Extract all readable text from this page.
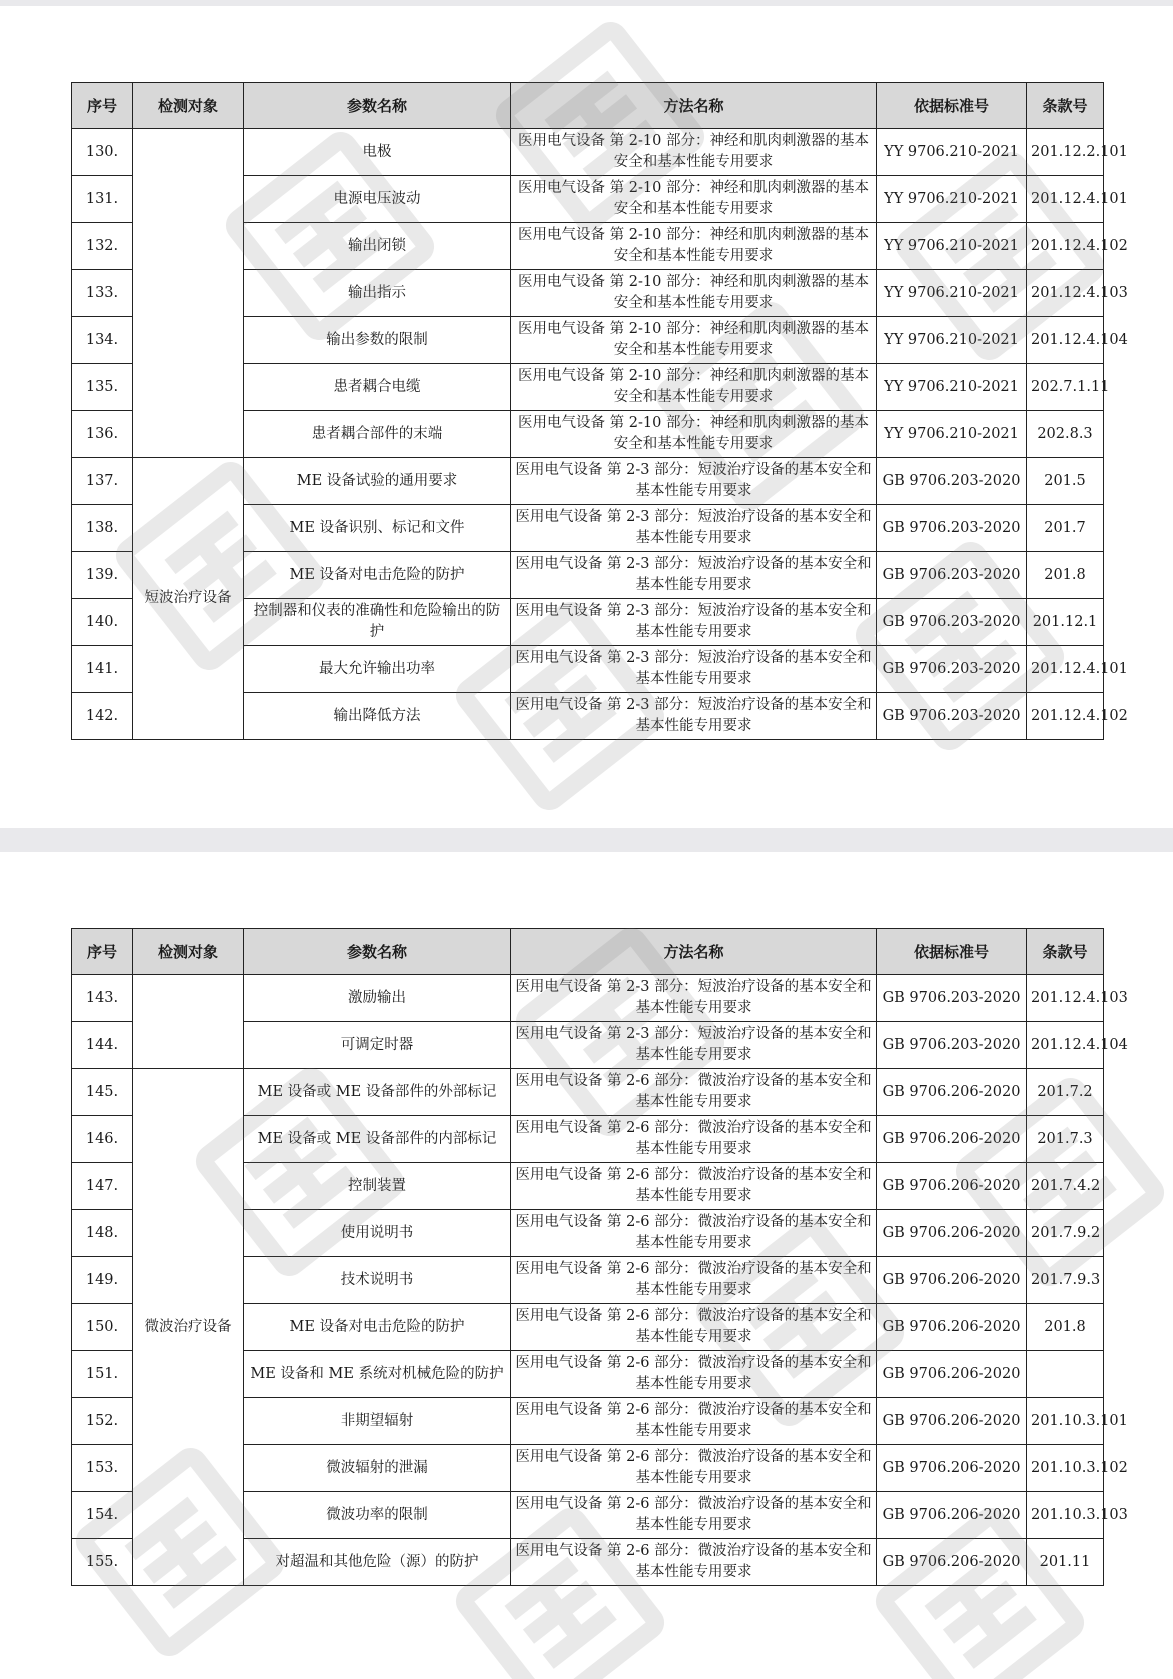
序号	检测对象	参数名称	方法名称	依据标准号	条款号
130.		电极	医用电气设备 第 2-10 部分：神经和肌肉刺激器的基本安全和基本性能专用要求	YY 9706.210-2021	201.12.2.101
131.		电源电压波动	医用电气设备 第 2-10 部分：神经和肌肉刺激器的基本安全和基本性能专用要求	YY 9706.210-2021	201.12.4.101
132.		输出闭锁	医用电气设备 第 2-10 部分：神经和肌肉刺激器的基本安全和基本性能专用要求	YY 9706.210-2021	201.12.4.102
133.		输出指示	医用电气设备 第 2-10 部分：神经和肌肉刺激器的基本安全和基本性能专用要求	YY 9706.210-2021	201.12.4.103
134.		输出参数的限制	医用电气设备 第 2-10 部分：神经和肌肉刺激器的基本安全和基本性能专用要求	YY 9706.210-2021	201.12.4.104
135.		患者耦合电缆	医用电气设备 第 2-10 部分：神经和肌肉刺激器的基本安全和基本性能专用要求	YY 9706.210-2021	202.7.1.11
136.		患者耦合部件的末端	医用电气设备 第 2-10 部分：神经和肌肉刺激器的基本安全和基本性能专用要求	YY 9706.210-2021	202.8.3
137.	短波治疗设备	ME 设备试验的通用要求	医用电气设备 第 2-3 部分：短波治疗设备的基本安全和基本性能专用要求	GB 9706.203-2020	201.5
138.		ME 设备识别、标记和文件	医用电气设备 第 2-3 部分：短波治疗设备的基本安全和基本性能专用要求	GB 9706.203-2020	201.7
139.		ME 设备对电击危险的防护	医用电气设备 第 2-3 部分：短波治疗设备的基本安全和基本性能专用要求	GB 9706.203-2020	201.8
140.		控制器和仪表的准确性和危险输出的防护	医用电气设备 第 2-3 部分：短波治疗设备的基本安全和基本性能专用要求	GB 9706.203-2020	201.12.1
141.		最大允许输出功率	医用电气设备 第 2-3 部分：短波治疗设备的基本安全和基本性能专用要求	GB 9706.203-2020	201.12.4.101
142.		输出降低方法	医用电气设备 第 2-3 部分：短波治疗设备的基本安全和基本性能专用要求	GB 9706.203-2020	201.12.4.102
序号	检测对象	参数名称	方法名称	依据标准号	条款号
143.		激励输出	医用电气设备 第 2-3 部分：短波治疗设备的基本安全和基本性能专用要求	GB 9706.203-2020	201.12.4.103
144.		可调定时器	医用电气设备 第 2-3 部分：短波治疗设备的基本安全和基本性能专用要求	GB 9706.203-2020	201.12.4.104
145.	微波治疗设备	ME 设备或 ME 设备部件的外部标记	医用电气设备 第 2-6 部分：微波治疗设备的基本安全和基本性能专用要求	GB 9706.206-2020	201.7.2
146.		ME 设备或 ME 设备部件的内部标记	医用电气设备 第 2-6 部分：微波治疗设备的基本安全和基本性能专用要求	GB 9706.206-2020	201.7.3
147.		控制装置	医用电气设备 第 2-6 部分：微波治疗设备的基本安全和基本性能专用要求	GB 9706.206-2020	201.7.4.2
148.		使用说明书	医用电气设备 第 2-6 部分：微波治疗设备的基本安全和基本性能专用要求	GB 9706.206-2020	201.7.9.2
149.		技术说明书	医用电气设备 第 2-6 部分：微波治疗设备的基本安全和基本性能专用要求	GB 9706.206-2020	201.7.9.3
150.		ME 设备对电击危险的防护	医用电气设备 第 2-6 部分：微波治疗设备的基本安全和基本性能专用要求	GB 9706.206-2020	201.8
151.		ME 设备和 ME 系统对机械危险的防护	医用电气设备 第 2-6 部分：微波治疗设备的基本安全和基本性能专用要求	GB 9706.206-2020	
152.		非期望辐射	医用电气设备 第 2-6 部分：微波治疗设备的基本安全和基本性能专用要求	GB 9706.206-2020	201.10.3.101
153.		微波辐射的泄漏	医用电气设备 第 2-6 部分：微波治疗设备的基本安全和基本性能专用要求	GB 9706.206-2020	201.10.3.102
154.		微波功率的限制	医用电气设备 第 2-6 部分：微波治疗设备的基本安全和基本性能专用要求	GB 9706.206-2020	201.10.3.103
155.		对超温和其他危险（源）的防护	医用电气设备 第 2-6 部分：微波治疗设备的基本安全和基本性能专用要求	GB 9706.206-2020	201.11
